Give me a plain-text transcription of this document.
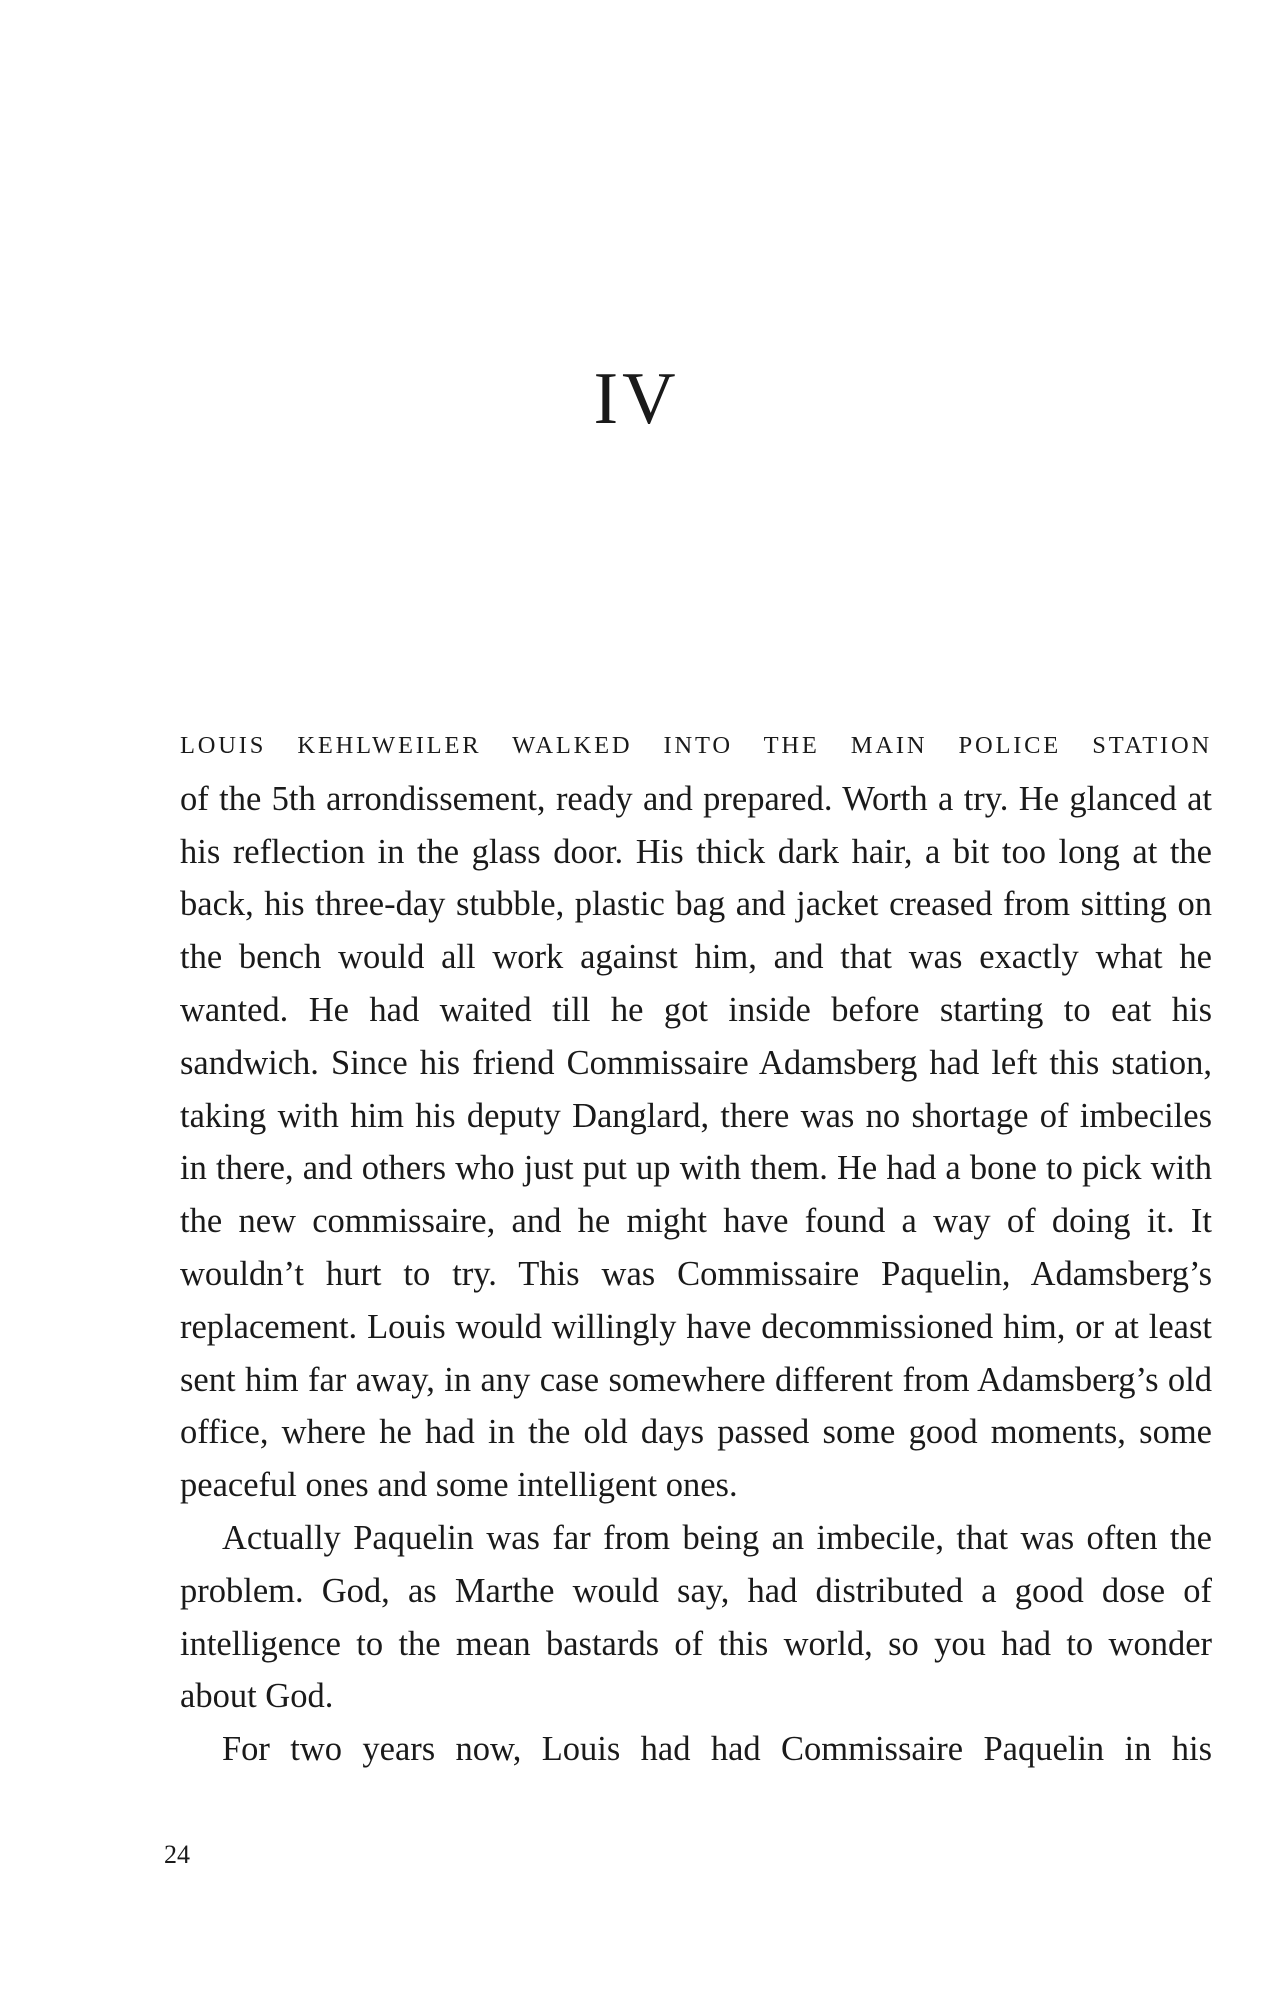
IV

LOUIS KEHLWEILER WALKED INTO THE MAIN POLICE STATION
of the 5th arrondissement, ready and prepared. Worth a try. He glanced at his reflection in the glass door. His thick dark hair, a bit too long at the back, his three-day stubble, plastic bag and jacket creased from sitting on the bench would all work against him, and that was exactly what he wanted. He had waited till he got inside before starting to eat his sandwich. Since his friend Commissaire Adamsberg had left this station, taking with him his deputy Danglard, there was no shortage of imbeciles in there, and others who just put up with them. He had a bone to pick with the new commissaire, and he might have found a way of doing it. It wouldn’t hurt to try. This was Commissaire Paquelin, Adamsberg’s replacement. Louis would willingly have decommissioned him, or at least sent him far away, in any case somewhere different from Adamsberg’s old office, where he had in the old days passed some good moments, some peaceful ones and some intelligent ones.

Actually Paquelin was far from being an imbecile, that was often the problem. God, as Marthe would say, had distributed a good dose of intelligence to the mean bastards of this world, so you had to wonder about God.

For two years now, Louis had had Commissaire Paquelin in his

24
